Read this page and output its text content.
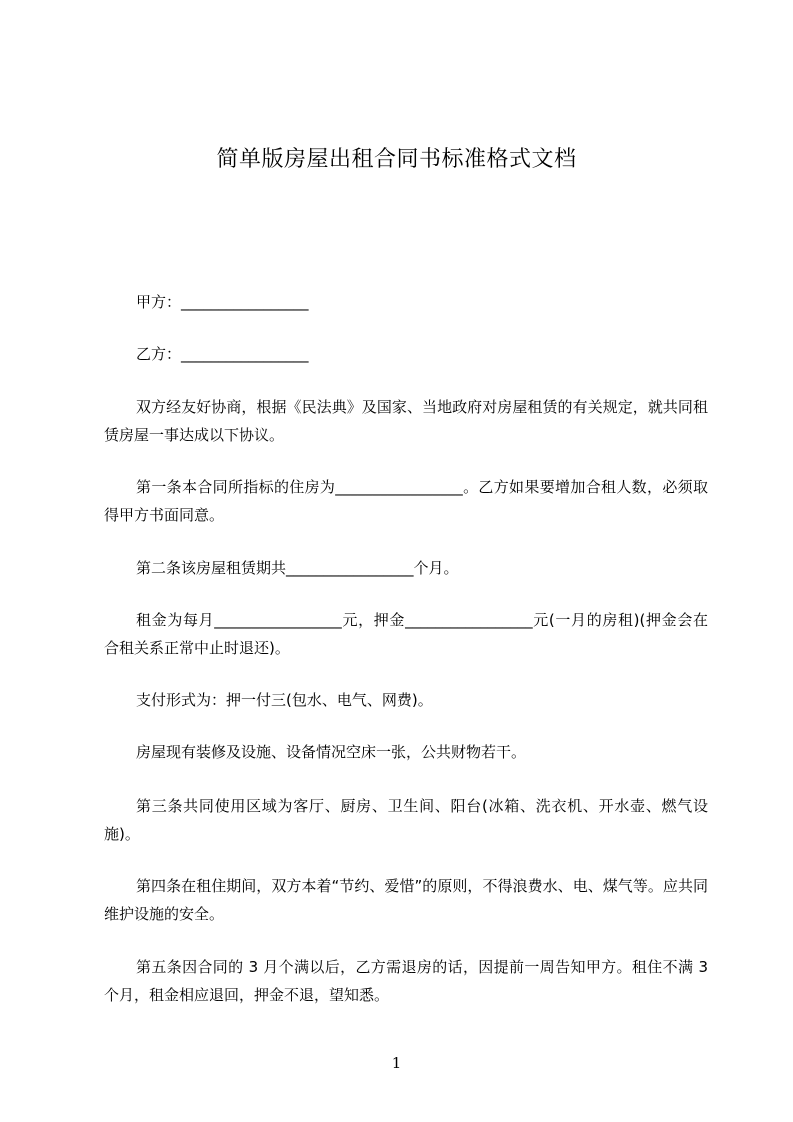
简单版房屋出租合同书标准格式文档

甲方：_________________

乙方：_________________

双方经友好协商，根据《民法典》及国家、当地政府对房屋租赁的有关规定，就共同租赁房屋一事达成以下协议。

第一条本合同所指标的住房为_________________。乙方如果要增加合租人数，必须取得甲方书面同意。

第二条该房屋租赁期共_________________个月。

租金为每月_________________元，押金_________________元(一月的房租)(押金会在合租关系正常中止时退还)。

支付形式为：押一付三(包水、电气、网费)。

房屋现有装修及设施、设备情况空床一张，公共财物若干。

第三条共同使用区域为客厅、厨房、卫生间、阳台(冰箱、洗衣机、开水壶、燃气设施)。

第四条在租住期间，双方本着“节约、爱惜”的原则，不得浪费水、电、煤气等。应共同维护设施的安全。

第五条因合同的 3 月个满以后，乙方需退房的话，因提前一周告知甲方。租住不满 3 个月，租金相应退回，押金不退，望知悉。

1
